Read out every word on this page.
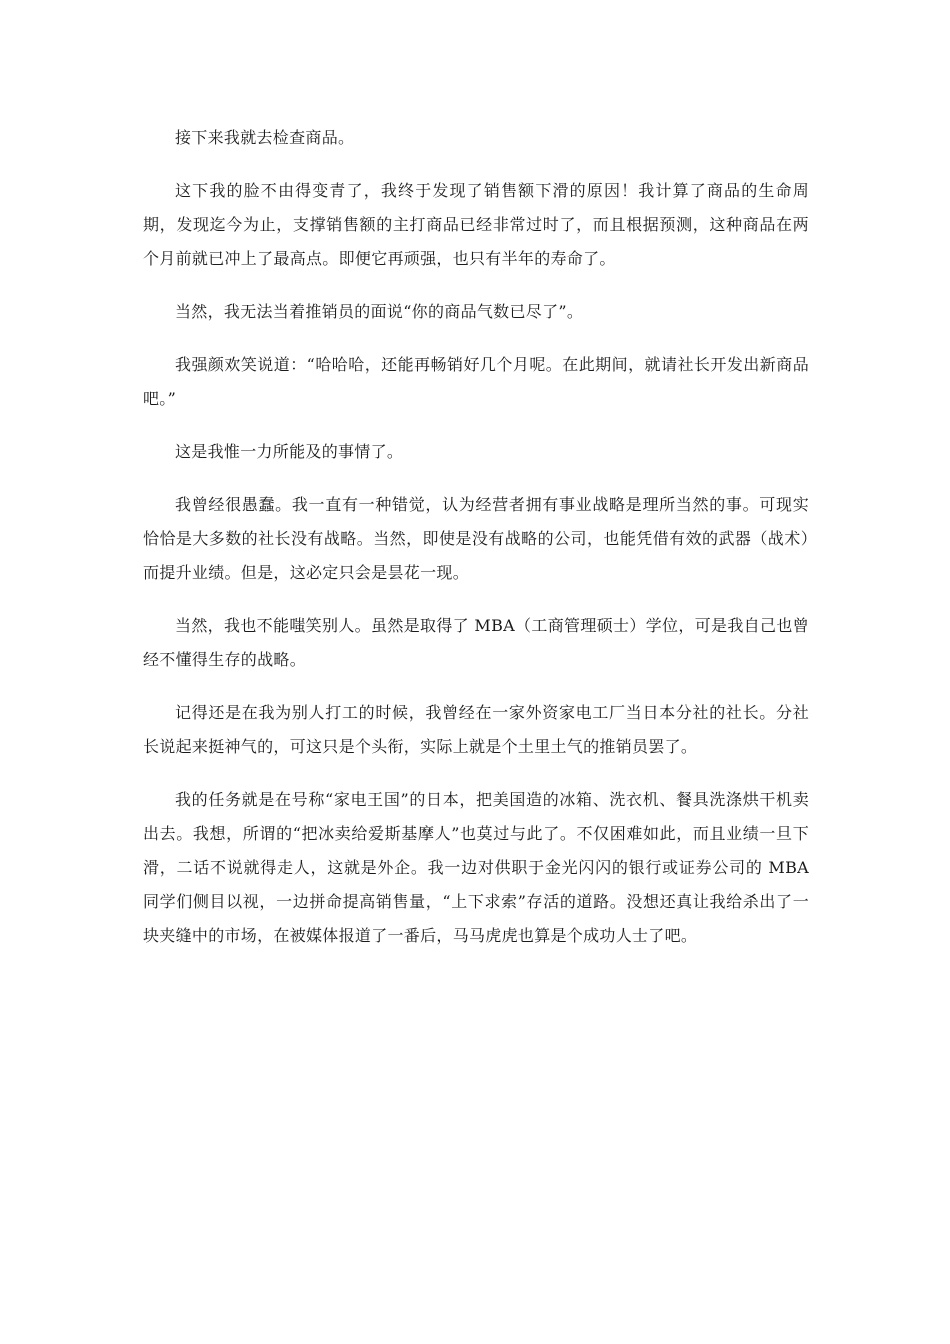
接下来我就去检查商品。

这下我的脸不由得变青了，我终于发现了销售额下滑的原因！我计算了商品的生命周期，发现迄今为止，支撑销售额的主打商品已经非常过时了，而且根据预测，这种商品在两个月前就已冲上了最高点。即便它再顽强，也只有半年的寿命了。

当然，我无法当着推销员的面说“你的商品气数已尽了”。

我强颜欢笑说道：“哈哈哈，还能再畅销好几个月呢。在此期间，就请社长开发出新商品吧。”

这是我惟一力所能及的事情了。

我曾经很愚蠢。我一直有一种错觉，认为经营者拥有事业战略是理所当然的事。可现实恰恰是大多数的社长没有战略。当然，即使是没有战略的公司，也能凭借有效的武器（战术）而提升业绩。但是，这必定只会是昙花一现。

当然，我也不能嗤笑别人。虽然是取得了 MBA（工商管理硕士）学位，可是我自己也曾经不懂得生存的战略。

记得还是在我为别人打工的时候，我曾经在一家外资家电工厂当日本分社的社长。分社长说起来挺神气的，可这只是个头衔，实际上就是个土里土气的推销员罢了。

我的任务就是在号称“家电王国”的日本，把美国造的冰箱、洗衣机、餐具洗涤烘干机卖出去。我想，所谓的“把冰卖给爱斯基摩人”也莫过与此了。不仅困难如此，而且业绩一旦下滑，二话不说就得走人，这就是外企。我一边对供职于金光闪闪的银行或证券公司的 MBA 同学们侧目以视，一边拼命提高销售量，“上下求索”存活的道路。没想还真让我给杀出了一块夹缝中的市场，在被媒体报道了一番后，马马虎虎也算是个成功人士了吧。
